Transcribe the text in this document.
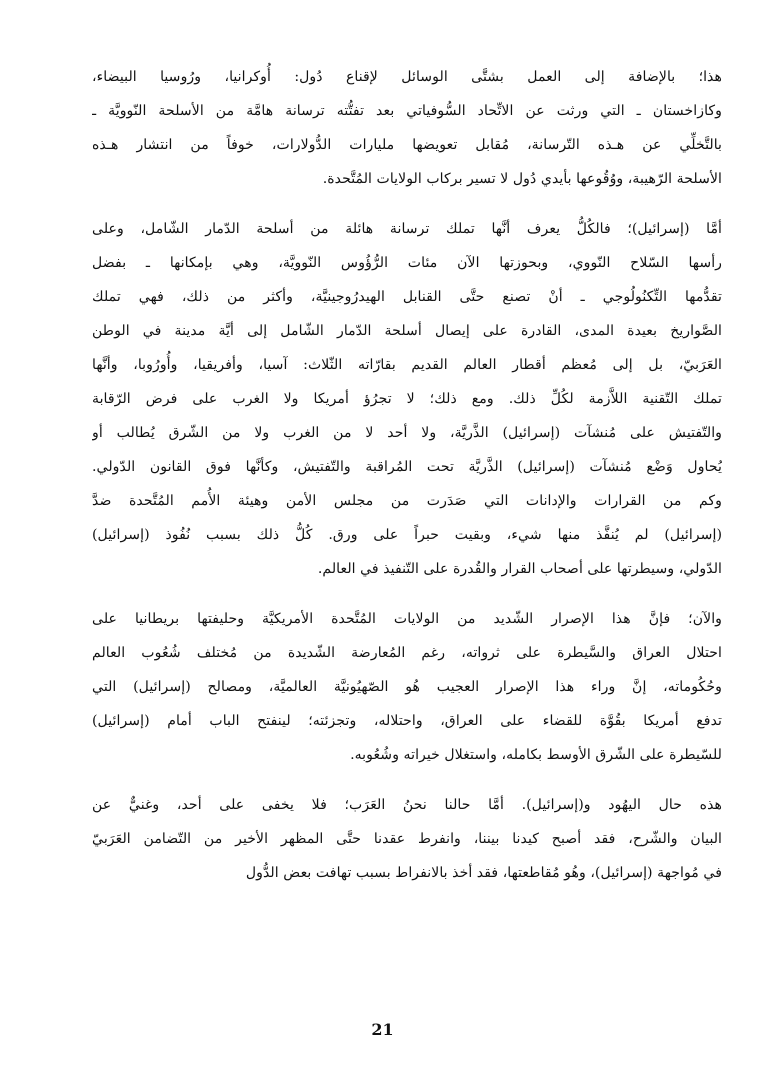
هذا؛ بالإضافة إلى العمل بشتَّى الوسائل لإقناع دُول: أُوكرانيا، ورُوسيا البيضاء،
وكازاخستان ـ التي ورثت عن الاتِّحاد السُّوفياتي بعد تفتُّته ترسانة هامَّة من الأسلحة النّوويَّة ـ
بالتَّخلِّي عن هـذه التّرسانة، مُقابل تعويضها مليارات الدُّولارات، خوفاً من انتشار هـذه
الأسلحة الرّهيبة، ووُقُوعها بأيدي دُول لا تسير بركاب الولايات المُتَّحدة.
أمَّا (إسرائيل)؛ فالكُلُّ يعرف أنَّها تملك ترسانة هائلة من أسلحة الدّمار الشّامل، وعلى
رأسها السّلاح النّووي، وبحوزتها الآن مئات الرُّؤُوس النّوويَّة، وهي بإمكانها ـ بفضل
تقدُّمها التِّكنُولُوجي ـ أنْ تصنع حتَّى القنابل الهيدرُوجينيَّة، وأكثر من ذلك، فهي تملك
الصَّواريخ بعيدة المدى، القادرة على إيصال أسلحة الدّمار الشّامل إلى أيَّة مدينة في الوطن
العَرَبيّ، بل إلى مُعظم أقطار العالم القديم بقارّاته الثّلاث: آسيا، وأفريقيا، وأُورُوبا، وأنَّها
تملك التّقنية اللاَّزمة لكُلِّ ذلك. ومع ذلك؛ لا تجرُؤ أمريكا ولا الغرب على فرض الرّقابة
والتّفتيش على مُنشآت (إسرائيل) الذَّريَّة، ولا أحد لا من الغرب ولا من الشّرق يُطالب أو
يُحاول وَضْع مُنشآت (إسرائيل) الذَّريَّة تحت المُراقبة والتّفتيش، وكأنَّها فوق القانون الدّولي.
وكم من القرارات والإدانات التي صَدَرت من مجلس الأمن وهيئة الأُمم المُتَّحدة ضدَّ
(إسرائيل) لم يُنفَّذ منها شيء، وبقيت حبراً على ورق. كُلُّ ذلك بسبب نُفُوذ (إسرائيل)
الدّولي، وسيطرتها على أصحاب القرار والقُدرة على التّنفيذ في العالم.
والآن؛ فإنَّ هذا الإصرار الشّديد من الولايات المُتَّحدة الأمريكيَّة وحليفتها بريطانيا على
احتلال العراق والسَّيطرة على ثرواته، رغم المُعارضة الشّديدة من مُختلف شُعُوب العالم
وحُكُوماته، إنَّ وراء هذا الإصرار العجيب هُو الصّهيُونيَّة العالميَّة، ومصالح (إسرائيل) التي
تدفع أمريكا بقُوَّة للقضاء على العراق، واحتلاله، وتجزئته؛ لينفتح الباب أمام (إسرائيل)
للسّيطرة على الشّرق الأوسط بكامله، واستغلال خيراته وشُعُوبه.
هذه حال اليهُود و(إسرائيل). أمَّا حالنا نحنُ العَرَب؛ فلا يخفى على أحد، وغنيٌّ عن
البيان والشّرح، فقد أصبح كيدنا بيننا، وانفرط عقدنا حتَّى المظهر الأخير من التّضامن العَرَبيّ
في مُواجهة (إسرائيل)، وهُو مُقاطعتها، فقد أخذ بالانفراط بسبب تهافت بعض الدُّول
21
